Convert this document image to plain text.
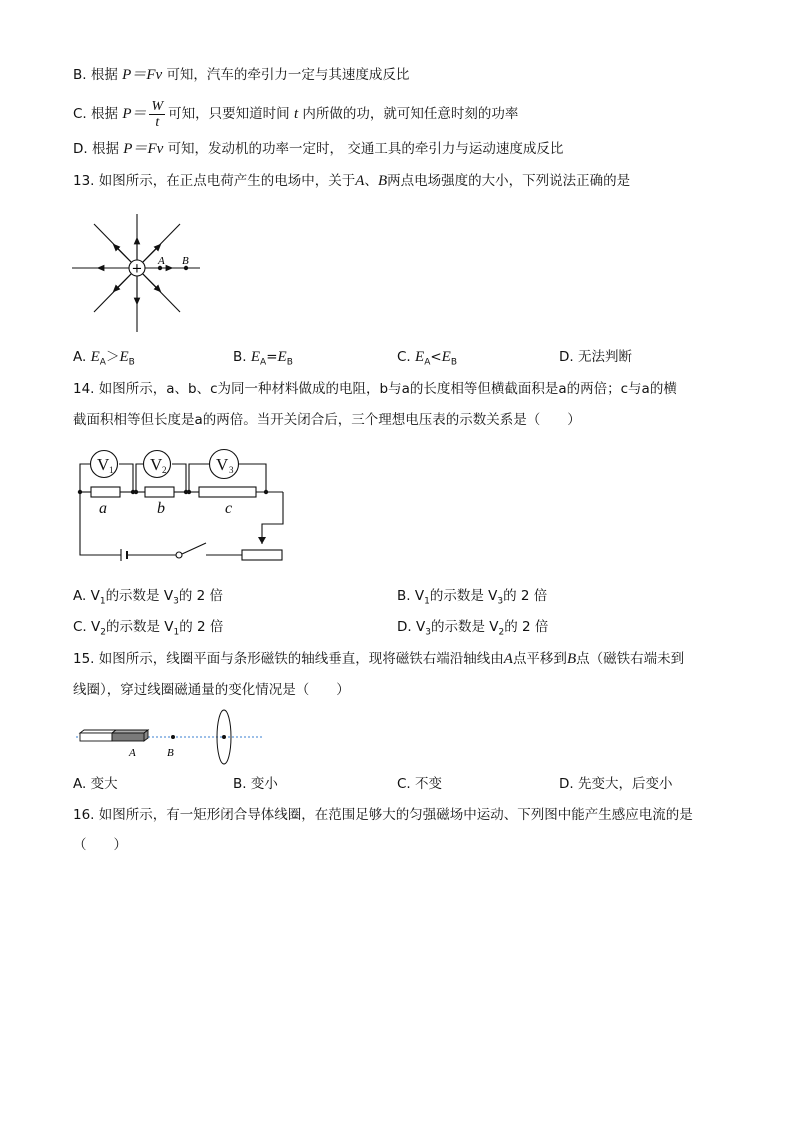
B. 根据 P＝Fv 可知，汽车的牵引力一定与其速度成反比
C. 根据 $P= \frac{W}{t}$ 可知，只要知道时间 t 内所做的功，就可知任意时刻的功率
D. 根据 P＝Fv 可知，发动机的功率一定时， 交通工具的牵引力与运动速度成反比
13. 如图所示，在正点电荷产生的电场中，关于A、B两点电场强度的大小，下列说法正确的是
+
A B
A. $E_A>E_B$	B. $E_A=E_B$	C. $E_A<E_B$	D. 无法判断
14. 如图所示，a、b、c为同一种材料做成的电阻，b与a的长度相等但横截面积是a的两倍；c与a的横
截面积相等但长度是a的两倍。当开关闭合后，三个理想电压表的示数关系是（　　）
V 1 V 2	V 3
a	b	c
A. $V_1$的示数是 $V_3$的 2 倍	B. $V_1$的示数是 $V_3$的 2 倍
C. $V_2$的示数是 $V_1$的 2 倍	D. $V_3$的示数是 $V_2$的 2 倍
15. 如图所示，线圈平面与条形磁铁的轴线垂直，现将磁铁右端沿轴线由A点平移到B点（磁铁右端未到
线圈），穿过线圈磁通量的变化情况是（　　）
A	B
A. 变大	B. 变小	C. 不变	D. 先变大，后变小
16. 如图所示，有一矩形闭合导体线圈，在范围足够大的匀强磁场中运动、下列图中能产生感应电流的是
（　　）
